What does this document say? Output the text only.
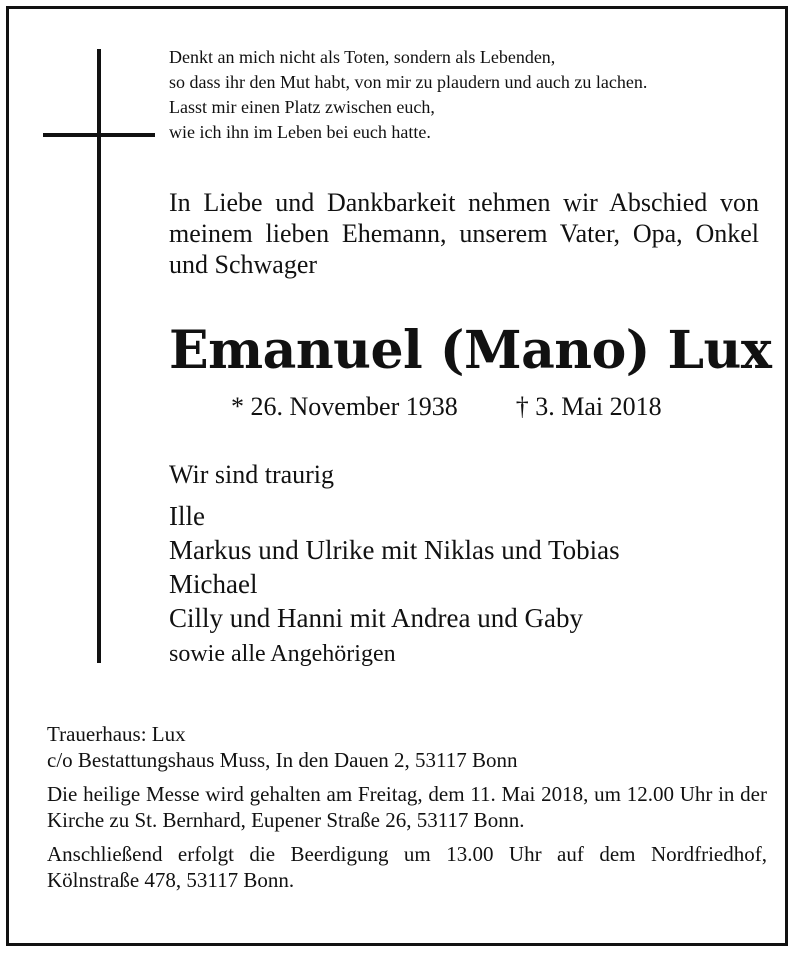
Denkt an mich nicht als Toten, sondern als Lebenden,
so dass ihr den Mut habt, von mir zu plaudern und auch zu lachen.
Lasst mir einen Platz zwischen euch,
wie ich ihn im Leben bei euch hatte.
In Liebe und Dankbarkeit nehmen wir Abschied von meinem lieben Ehemann, unserem Vater, Opa, Onkel und Schwager
Emanuel (Mano) Lux
* 26. November 1938 † 3. Mai 2018
Wir sind traurig
Ille
Markus und Ulrike mit Niklas und Tobias
Michael
Cilly und Hanni mit Andrea und Gaby
sowie alle Angehörigen

Trauerhaus: Lux
c/o Bestattungshaus Muss, In den Dauen 2, 53117 Bonn

Die heilige Messe wird gehalten am Freitag, dem 11. Mai 2018, um 12.00 Uhr in der Kirche zu St. Bernhard, Eupener Straße 26, 53117 Bonn.

Anschließend erfolgt die Beerdigung um 13.00 Uhr auf dem Nordfriedhof, Kölnstraße 478, 53117 Bonn.
